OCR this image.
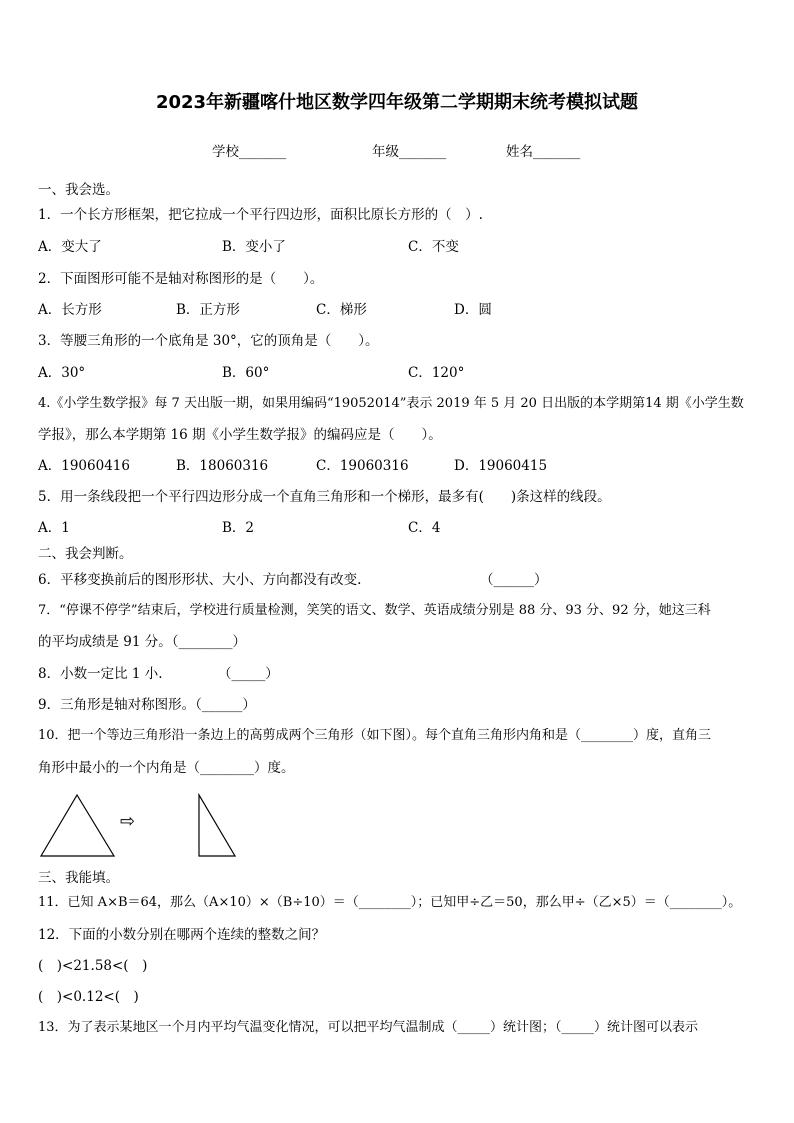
2023年新疆喀什地区数学四年级第二学期期末统考模拟试题
学校_______	年级_______	姓名_______
一、我会选。
1．一个长方形框架，把它拉成一个平行四边形，面积比原长方形的（　）.
A．变大了	B．变小了	C．不变
2．下面图形可能不是轴对称图形的是（　　）。
A．长方形	B．正方形	C．梯形	D．圆
3．等腰三角形的一个底角是 30°，它的顶角是（　　）。
A．30°	B．60°	C．120°
4.《小学生数学报》每 7 天出版一期，如果用编码“19052014”表示 2019 年 5 月 20 日出版的本学期第14 期《小学生数
学报》，那么本学期第 16 期《小学生数学报》的编码应是（　　）。
A．19060416	B．18060316	C．19060316	D．19060415
5．用一条线段把一个平行四边形分成一个直角三角形和一个梯形，最多有(　　)条这样的线段。
A．1	B．2	C．4
二、我会判断。
6．平移变换前后的图形形状、大小、方向都没有改变.	（______）
7．“停课不停学”结束后，学校进行质量检测，笑笑的语文、数学、英语成绩分别是 88 分、93 分、92 分，她这三科
的平均成绩是 91 分。（________）
8．小数一定比 1 小.	（_____）
9．三角形是轴对称图形。（______）
10．把一个等边三角形沿一条边上的高剪成两个三角形（如下图）。每个直角三角形内角和是（________）度，直角三
角形中最小的一个内角是（________）度。
⇨
三、我能填。
11．已知 A×B＝64，那么（A×10）×（B÷10）＝（________）；已知甲÷乙＝50，那么甲÷（乙×5）＝（________）。
12．下面的小数分别在哪两个连续的整数之间？
(　)<21.58<(　)
(　)<0.12<(　)
13．为了表示某地区一个月内平均气温变化情况，可以把平均气温制成（_____）统计图；（_____）统计图可以表示
